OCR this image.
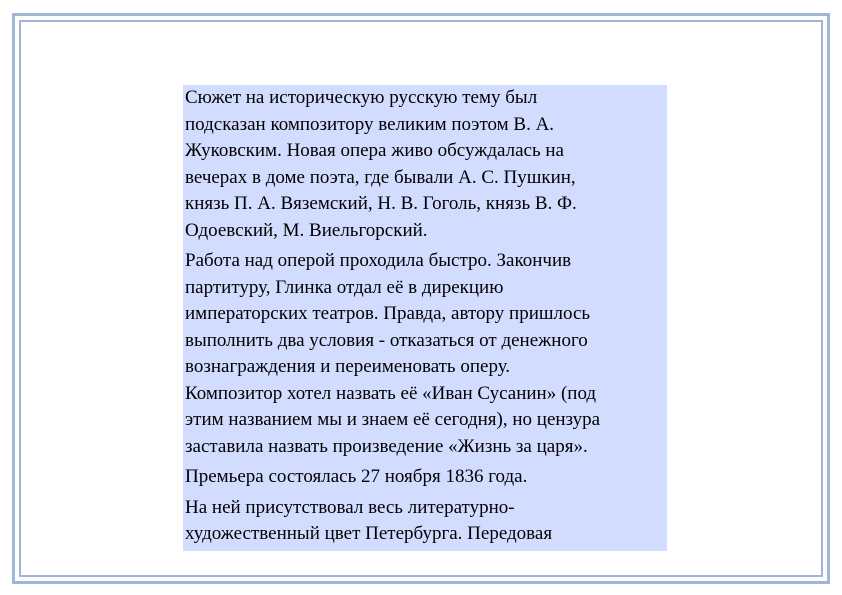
Сюжет на историческую русскую тему был
подсказан композитору великим поэтом В. А.
Жуковским. Новая опера живо обсуждалась на
вечерах в доме поэта, где бывали А. С. Пушкин,
князь П. А. Вяземский, Н. В. Гоголь, князь В. Ф.
Одоевский, М. Виельгорский.

Работа над оперой проходила быстро. Закончив
партитуру, Глинка отдал её в дирекцию
императорских театров. Правда, автору пришлось
выполнить два условия - отказаться от денежного
вознаграждения и переименовать оперу.
Композитор хотел назвать её «Иван Сусанин» (под
этим названием мы и знаем её сегодня), но цензура
заставила назвать произведение «Жизнь за царя».

Премьера состоялась 27 ноября 1836 года.

На ней присутствовал весь литературно-
художественный цвет Петербурга. Передовая
